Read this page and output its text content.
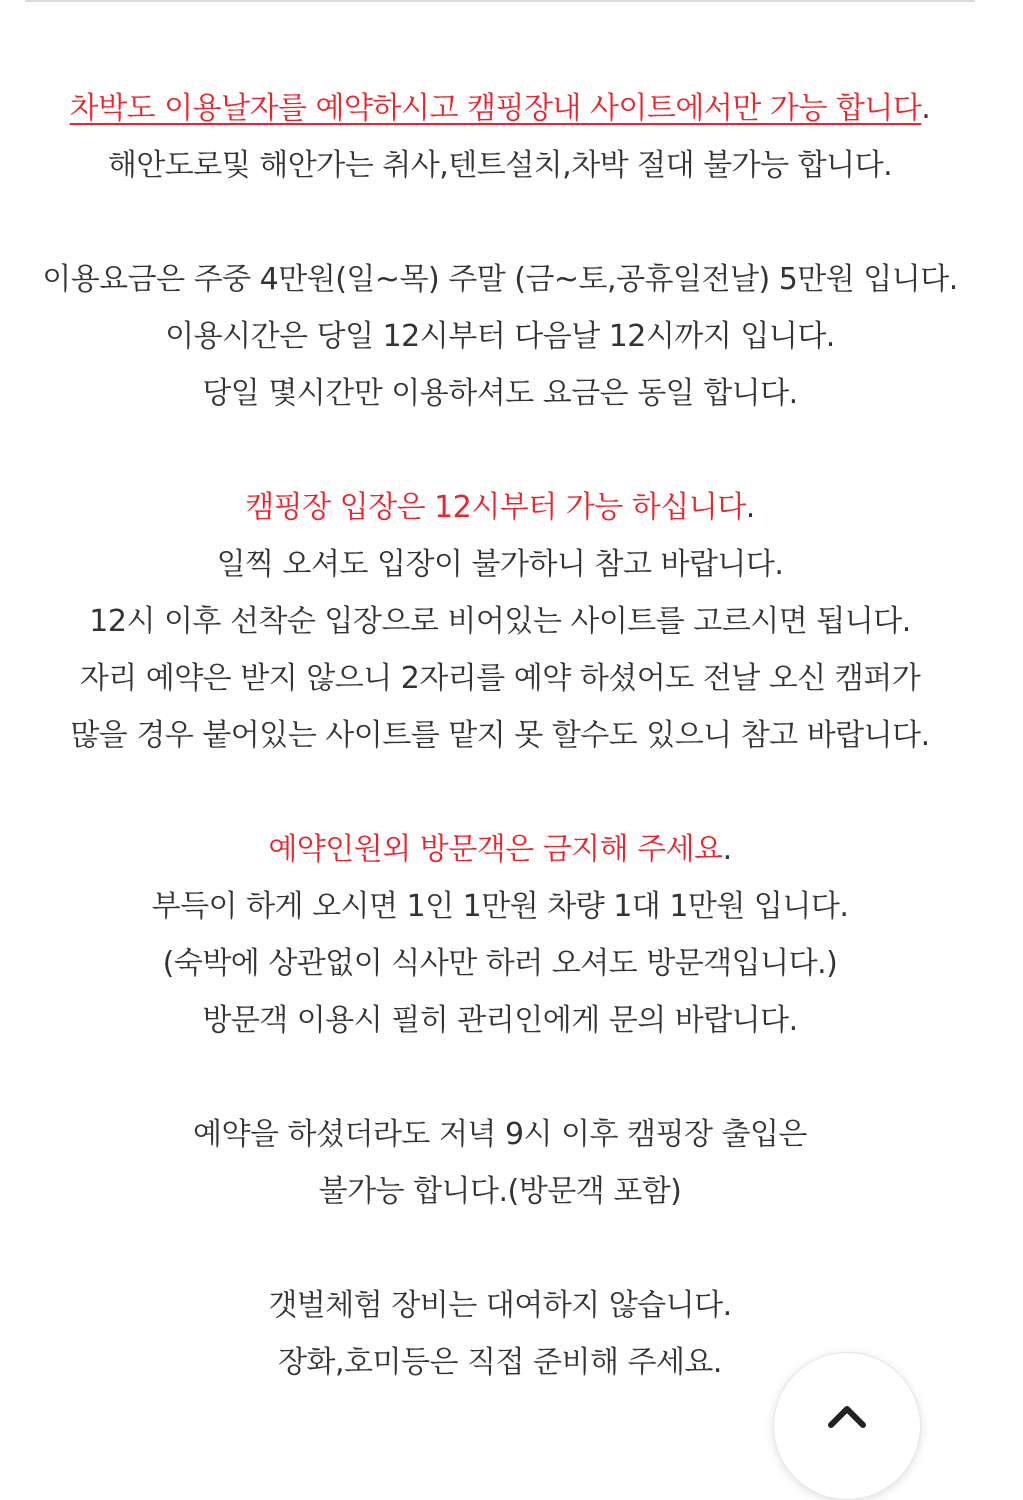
차박도 이용날자를 예약하시고 캠핑장내 사이트에서만 가능 합니다.
해안도로및 해안가는 취사,텐트설치,차박 절대 불가능 합니다.
이용요금은 주중 4만원(일~목) 주말 (금~토,공휴일전날) 5만원 입니다.
이용시간은 당일 12시부터 다음날 12시까지 입니다.
당일 몇시간만 이용하셔도 요금은 동일 합니다.
캠핑장 입장은 12시부터 가능 하십니다.
일찍 오셔도 입장이 불가하니 참고 바랍니다.
12시 이후 선착순 입장으로 비어있는 사이트를 고르시면 됩니다.
자리 예약은 받지 않으니 2자리를 예약 하셨어도 전날 오신 캠퍼가
많을 경우 붙어있는 사이트를 맡지 못 할수도 있으니 참고 바랍니다.
예약인원외 방문객은 금지해 주세요.
부득이 하게 오시면 1인 1만원 차량 1대 1만원 입니다.
(숙박에 상관없이 식사만 하러 오셔도 방문객입니다.)
방문객 이용시 필히 관리인에게 문의 바랍니다.
예약을 하셨더라도 저녁 9시 이후 캠핑장 출입은
불가능 합니다.(방문객 포함)
갯벌체험 장비는 대여하지 않습니다.
장화,호미등은 직접 준비해 주세요.
